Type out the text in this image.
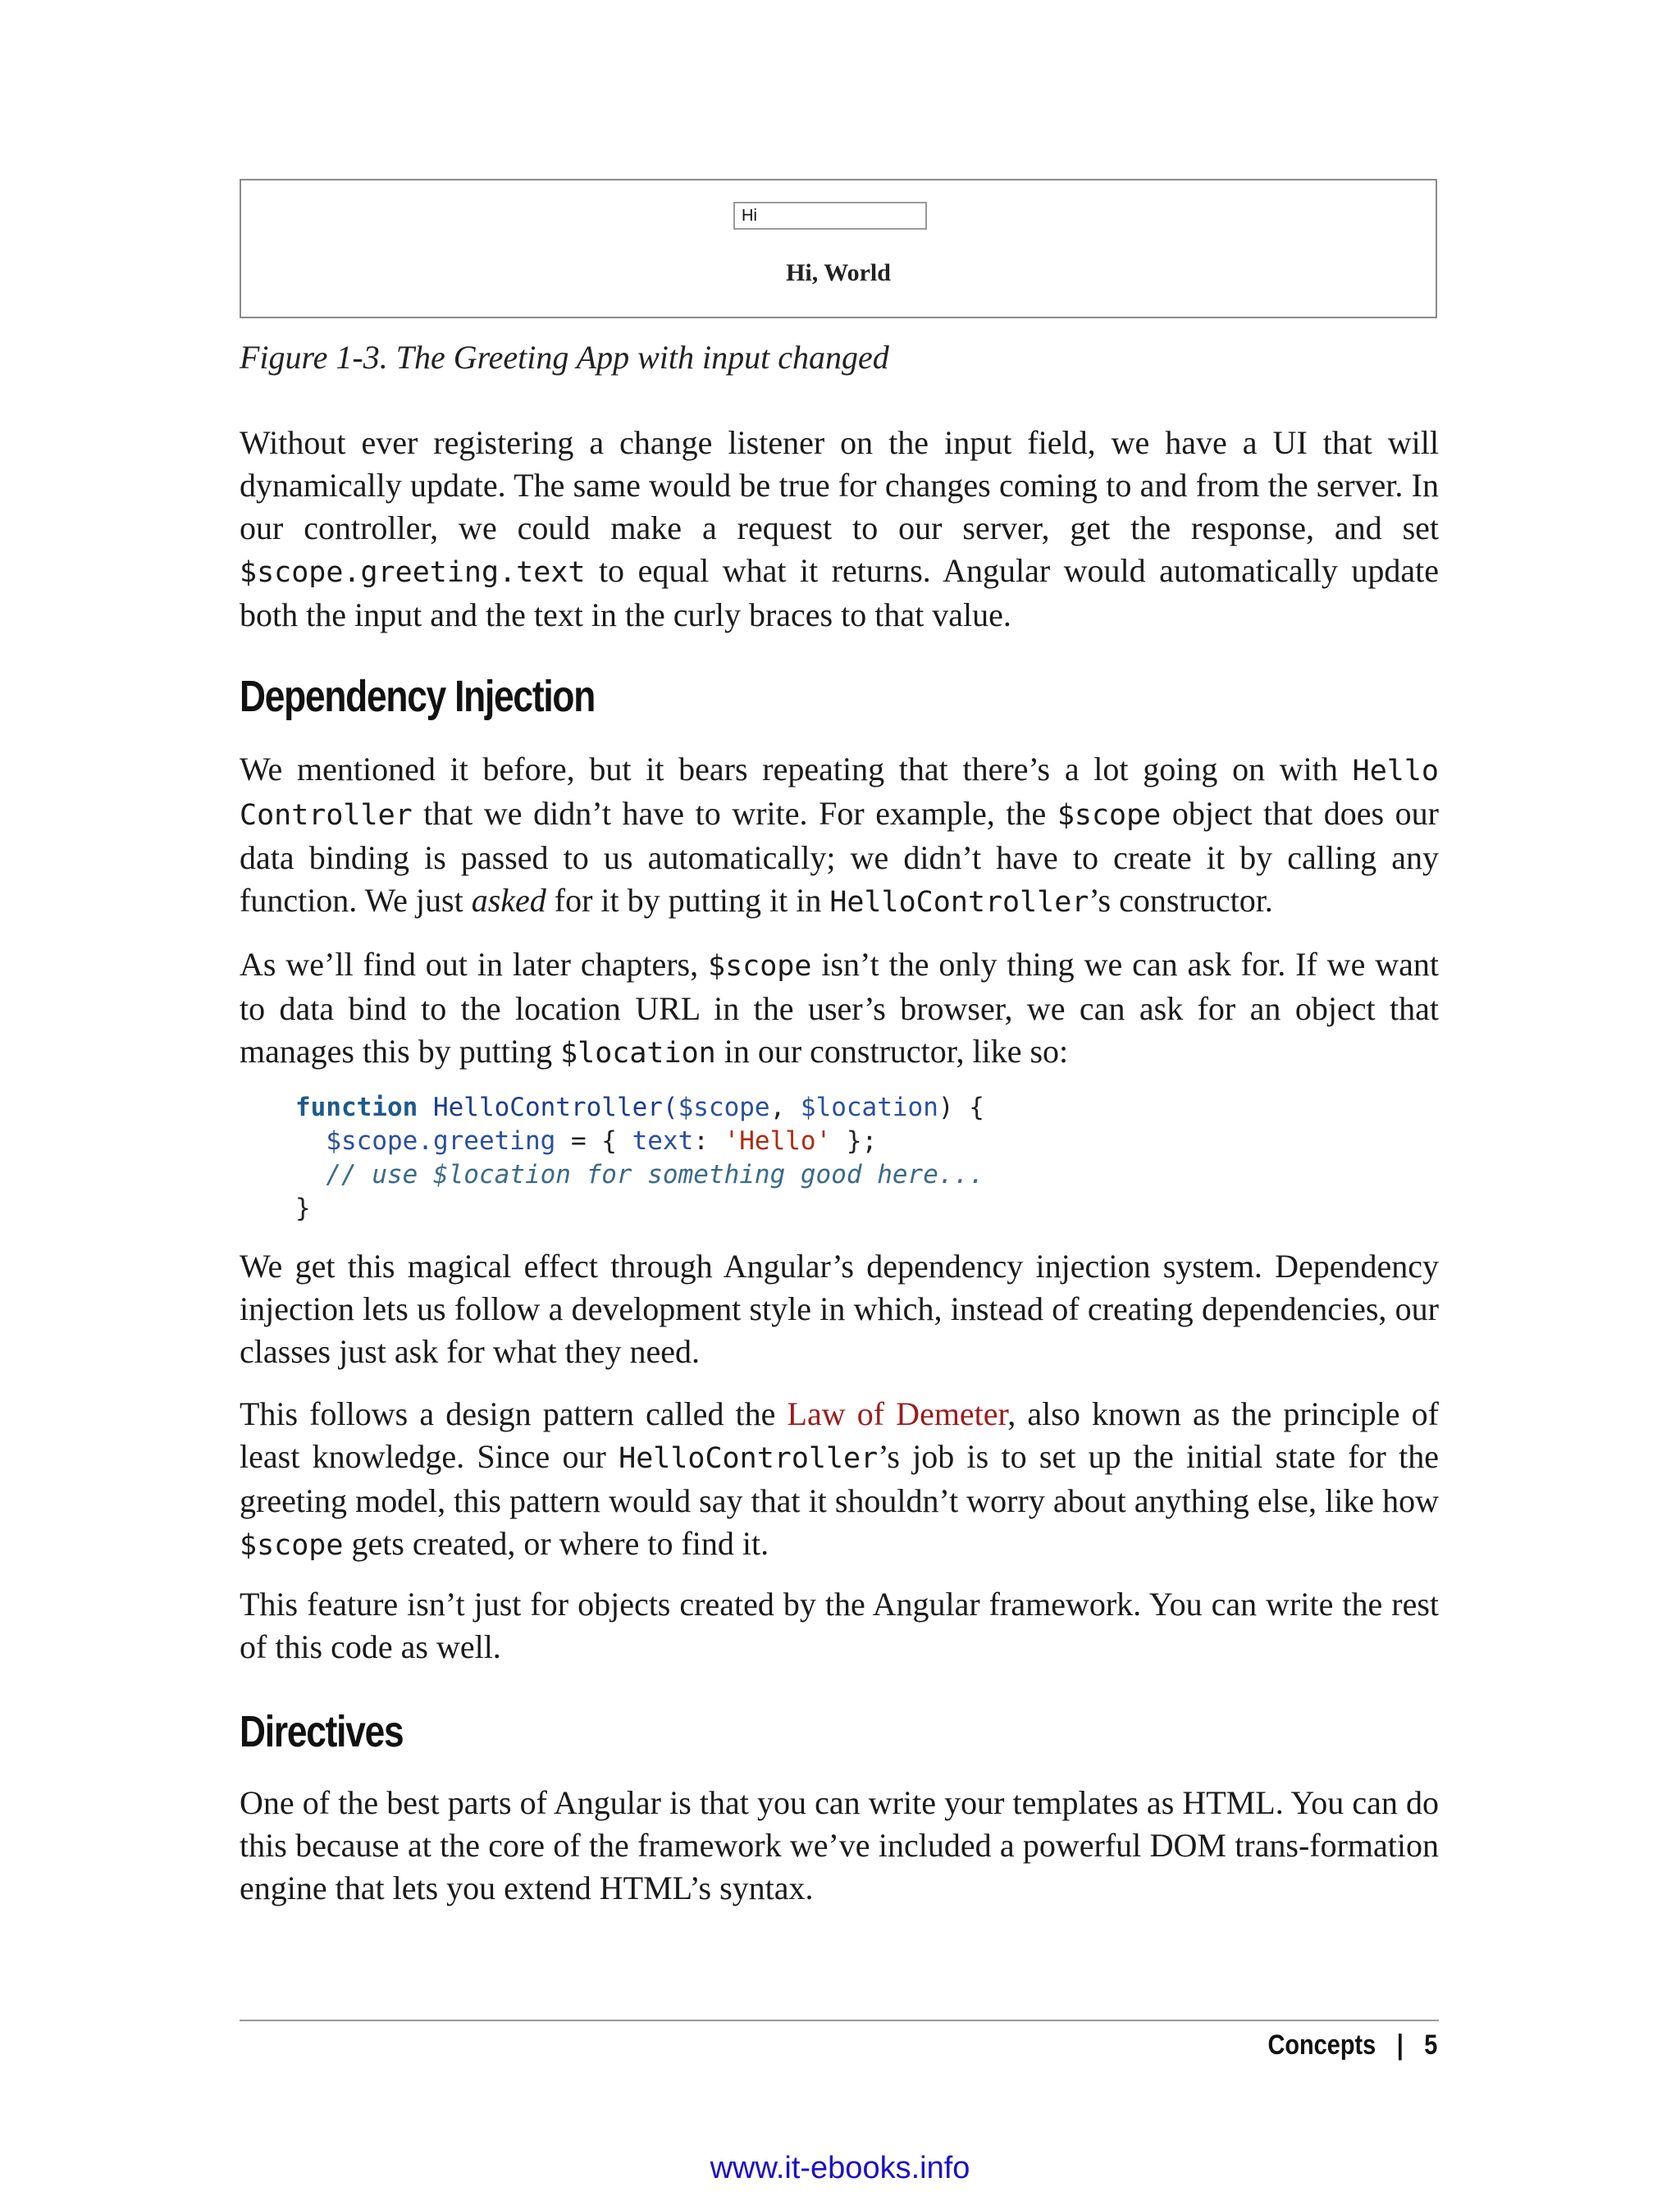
Hi
Hi, World
Figure 1-3. The Greeting App with input changed

Without ever registering a change listener on the input field, we have a UI that will dynamically update. The same would be true for changes coming to and from the server. In our controller, we could make a request to our server, get the response, and set $scope.greeting.text to equal what it returns. Angular would automatically update both the input and the text in the curly braces to that value.

Dependency Injection

We mentioned it before, but it bears repeating that there’s a lot going on with Hello Controller that we didn’t have to write. For example, the $scope object that does our data binding is passed to us automatically; we didn’t have to create it by calling any function. We just asked for it by putting it in HelloController’s constructor.

As we’ll find out in later chapters, $scope isn’t the only thing we can ask for. If we want to data bind to the location URL in the user’s browser, we can ask for an object that manages this by putting $location in our constructor, like so:

function HelloController($scope, $location) {
$scope.greeting = { text: 'Hello' };
// use $location for something good here...
}

We get this magical effect through Angular’s dependency injection system. Dependency injection lets us follow a development style in which, instead of creating dependencies, our classes just ask for what they need.

This follows a design pattern called the Law of Demeter, also known as the principle of least knowledge. Since our HelloController’s job is to set up the initial state for the greeting model, this pattern would say that it shouldn’t worry about anything else, like how $scope gets created, or where to find it.

This feature isn’t just for objects created by the Angular framework. You can write the rest of this code as well.

Directives

One of the best parts of Angular is that you can write your templates as HTML. You can do this because at the core of the framework we’ve included a powerful DOM trans-formation engine that lets you extend HTML’s syntax.

Concepts | 5
www.it-ebooks.info
